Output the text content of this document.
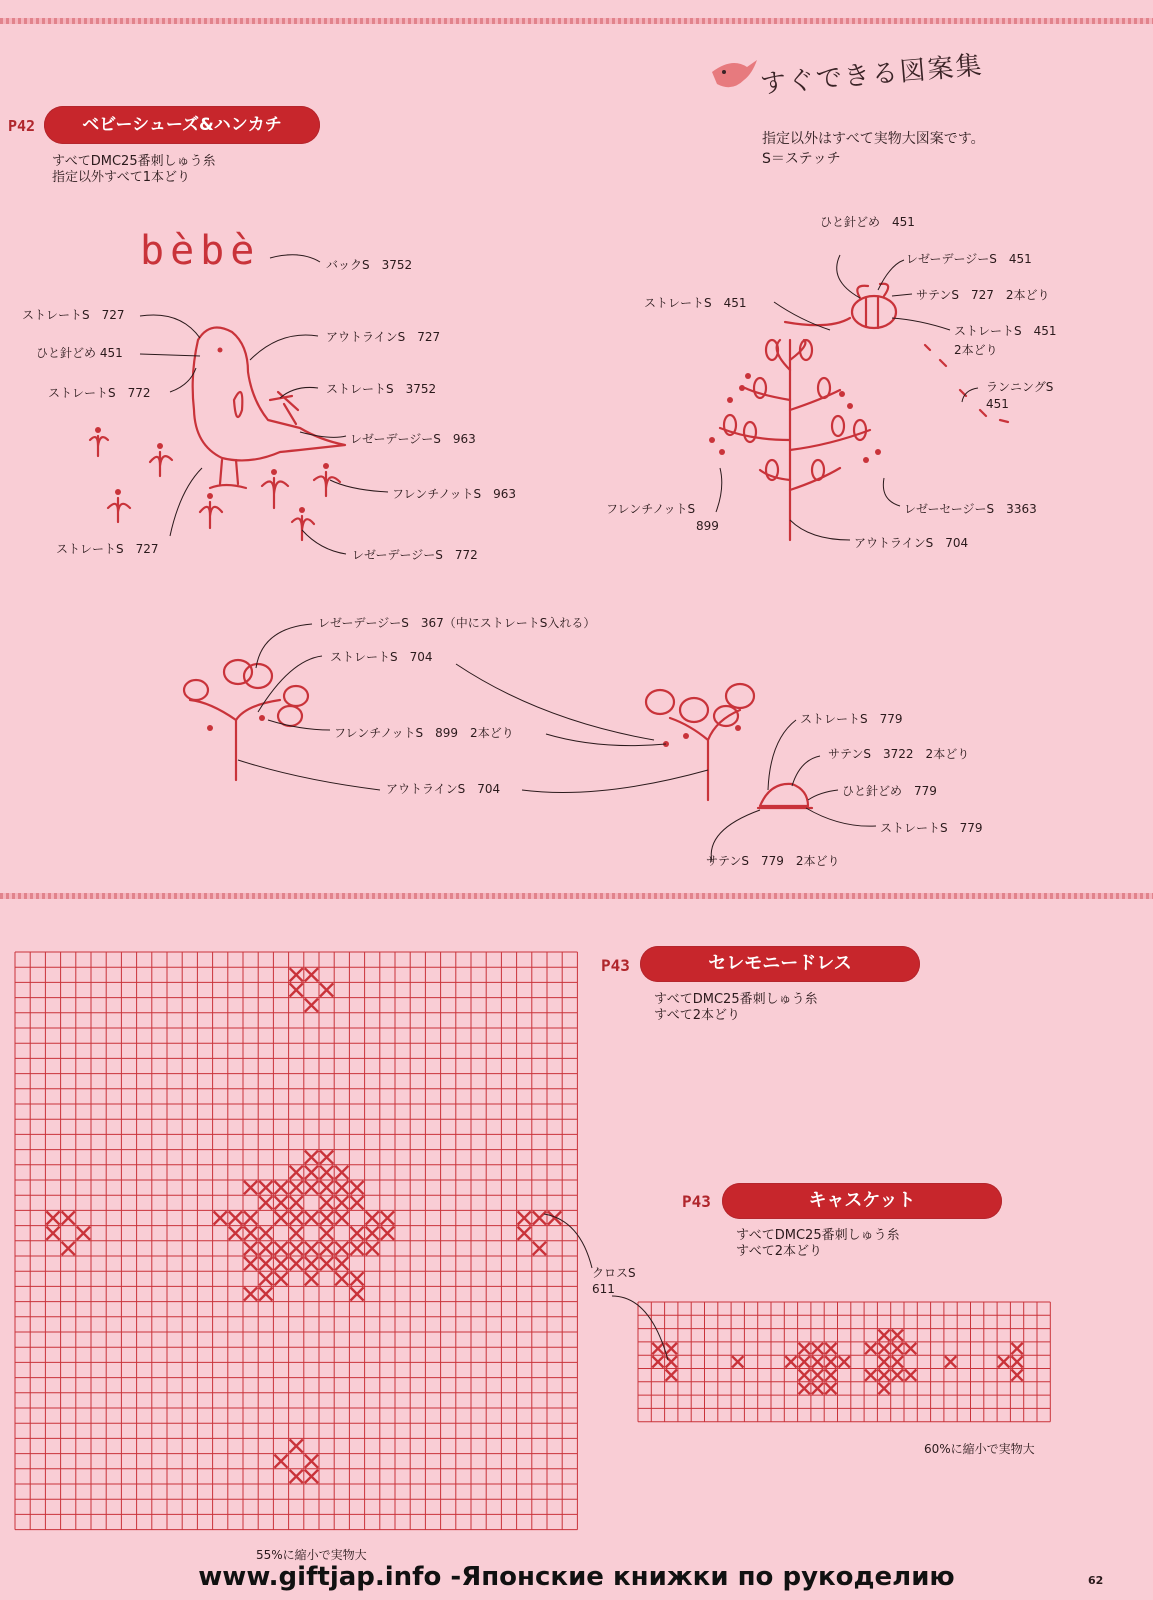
すぐできる図案集
指定以外はすべて実物大図案です。
S＝ステッチ
P42	ベビーシューズ&ハンカチ
すべてDMC25番刺しゅう糸
指定以外すべて1本どり
bèbè	バックS　3752
ストレートS　727
アウトラインS　727
ひと針どめ 451
ストレートS　3752
ストレートS　772
レゼーデージーS　963
フレンチノットS　963
ストレートS　727	レゼーデージーS　772
ひと針どめ　451
レゼーデージーS　451
ストレートS　451
サテンS　727　2本どり
ストレートS　451
2本どり
ランニングS
451
フレンチノットS
899
レゼーセージーS　3363
アウトラインS　704
レゼーデージーS　367（中にストレートS入れる）
ストレートS　704
フレンチノットS　899　2本どり
アウトラインS　704
ストレートS　779
サテンS　3722　2本どり
ひと針どめ　779
ストレートS　779
サテンS　779　2本どり
P43	セレモニードレス
すべてDMC25番刺しゅう糸
すべて2本どり
P43	キャスケット
すべてDMC25番刺しゅう糸
すべて2本どり
55%に縮小で実物大
60%に縮小で実物大
クロスS
611
www.giftjap.info -Японские книжки по рукоделию	62
